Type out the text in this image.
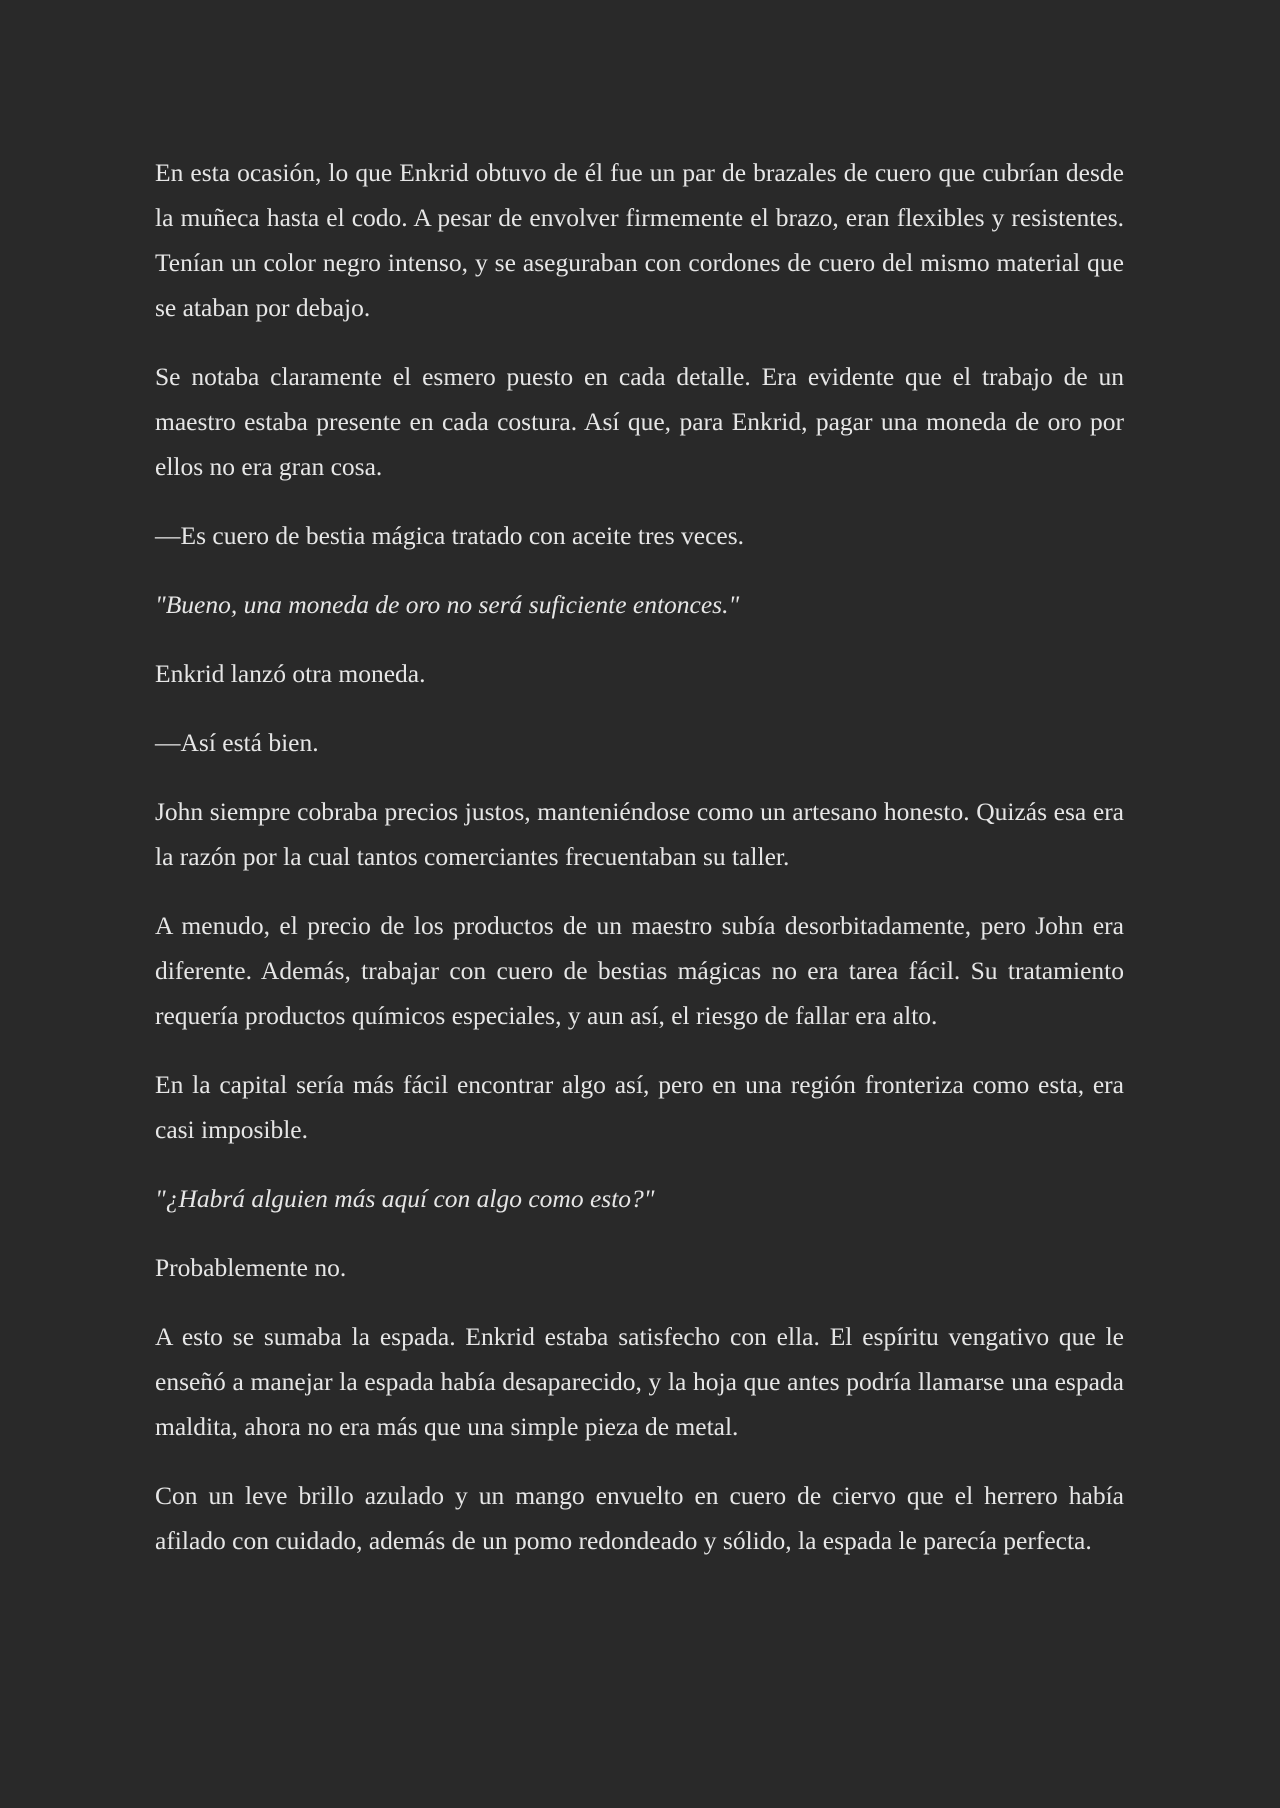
En esta ocasión, lo que Enkrid obtuvo de él fue un par de brazales de cuero que cubrían desde la muñeca hasta el codo. A pesar de envolver firmemente el brazo, eran flexibles y resistentes. Tenían un color negro intenso, y se aseguraban con cordones de cuero del mismo material que se ataban por debajo.

Se notaba claramente el esmero puesto en cada detalle. Era evidente que el trabajo de un maestro estaba presente en cada costura. Así que, para Enkrid, pagar una moneda de oro por ellos no era gran cosa.

—Es cuero de bestia mágica tratado con aceite tres veces.

"Bueno, una moneda de oro no será suficiente entonces."

Enkrid lanzó otra moneda.

—Así está bien.

John siempre cobraba precios justos, manteniéndose como un artesano honesto. Quizás esa era la razón por la cual tantos comerciantes frecuentaban su taller.

A menudo, el precio de los productos de un maestro subía desorbitadamente, pero John era diferente. Además, trabajar con cuero de bestias mágicas no era tarea fácil. Su tratamiento requería productos químicos especiales, y aun así, el riesgo de fallar era alto.

En la capital sería más fácil encontrar algo así, pero en una región fronteriza como esta, era casi imposible.

"¿Habrá alguien más aquí con algo como esto?"

Probablemente no.

A esto se sumaba la espada. Enkrid estaba satisfecho con ella. El espíritu vengativo que le enseñó a manejar la espada había desaparecido, y la hoja que antes podría llamarse una espada maldita, ahora no era más que una simple pieza de metal.

Con un leve brillo azulado y un mango envuelto en cuero de ciervo que el herrero había afilado con cuidado, además de un pomo redondeado y sólido, la espada le parecía perfecta.
